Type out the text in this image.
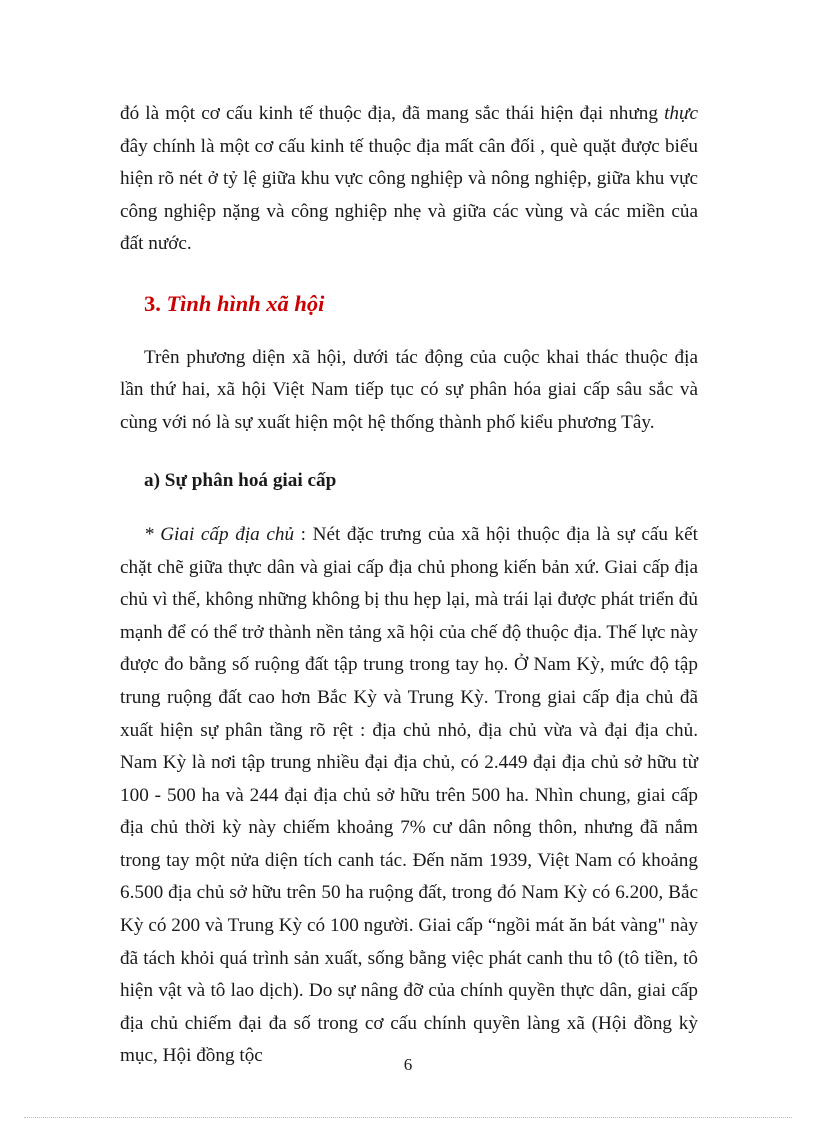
đó là một cơ cấu kinh tế thuộc địa, đã mang sắc thái hiện đại nhưng thực đây chính là một cơ cấu kinh tế thuộc địa mất cân đối , què quặt được biểu hiện rõ nét ở tỷ lệ giữa khu vực công nghiệp và nông nghiệp, giữa khu vực công nghiệp nặng và công nghiệp nhẹ và giữa các vùng và các miền của đất nước.

3. Tình hình xã hội

Trên phương diện xã hội, dưới tác động của cuộc khai thác thuộc địa lần thứ hai, xã hội Việt Nam tiếp tục có sự phân hóa giai cấp sâu sắc và cùng với nó là sự xuất hiện một hệ thống thành phố kiểu phương Tây.

a) Sự phân hoá giai cấp

* Giai cấp địa chủ : Nét đặc trưng của xã hội thuộc địa là sự cấu kết chặt chẽ giữa thực dân và giai cấp địa chủ phong kiến bản xứ. Giai cấp địa chủ vì thế, không những không bị thu hẹp lại, mà trái lại được phát triển đủ mạnh để có thể trở thành nền tảng xã hội của chế độ thuộc địa. Thế lực này được đo bằng số ruộng đất tập trung trong tay họ. Ở Nam Kỳ, mức độ tập trung ruộng đất cao hơn Bắc Kỳ và Trung Kỳ. Trong giai cấp địa chủ đã xuất hiện sự phân tầng rõ rệt : địa chủ nhỏ, địa chủ vừa và đại địa chủ. Nam Kỳ là nơi tập trung nhiều đại địa chủ, có 2.449 đại địa chủ sở hữu từ 100 - 500 ha và 244 đại địa chủ sở hữu trên 500 ha. Nhìn chung, giai cấp địa chủ thời kỳ này chiếm khoảng 7% cư dân nông thôn, nhưng đã nắm trong tay một nửa diện tích canh tác. Đến năm 1939, Việt Nam có khoảng 6.500 địa chủ sở hữu trên 50 ha ruộng đất, trong đó Nam Kỳ có 6.200, Bắc Kỳ có 200 và Trung Kỳ có 100 người. Giai cấp “ngồi mát ăn bát vàng" này đã tách khỏi quá trình sản xuất, sống bằng việc phát canh thu tô (tô tiền, tô hiện vật và tô lao dịch). Do sự nâng đỡ của chính quyền thực dân, giai cấp địa chủ chiếm đại đa số trong cơ cấu chính quyền làng xã (Hội đồng kỳ mục, Hội đồng tộc	6
